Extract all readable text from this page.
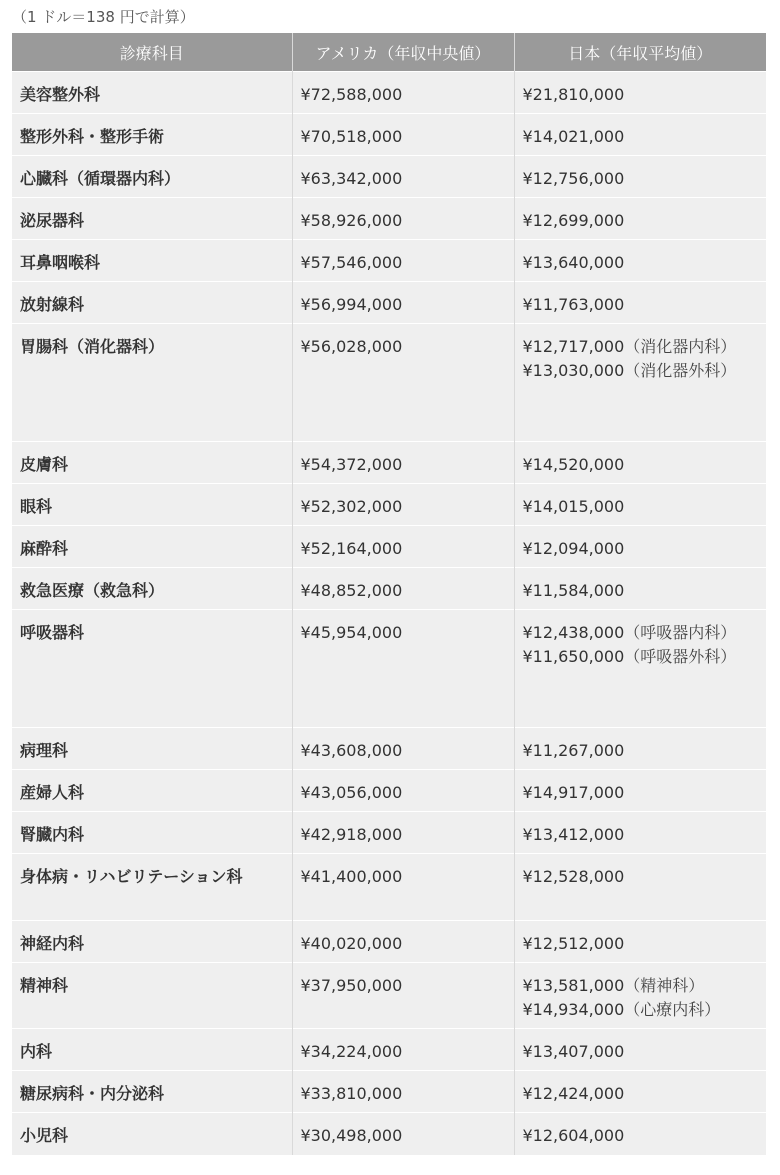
（1 ドル＝138 円で計算）
診療科目	アメリカ（年収中央値）	日本（年収平均値）
美容整外科	¥72,588,000	¥21,810,000

整形外科・整形手術	¥70,518,000	¥14,021,000

心臓科（循環器内科）	¥63,342,000	¥12,756,000

泌尿器科	¥58,926,000	¥12,699,000

耳鼻咽喉科	¥57,546,000	¥13,640,000

放射線科	¥56,994,000	¥11,763,000

胃腸科（消化器科）	¥56,028,000	¥12,717,000（消化器内科）
¥13,030,000（消化器外科）

皮膚科	¥54,372,000	¥14,520,000

眼科	¥52,302,000	¥14,015,000

麻酔科	¥52,164,000	¥12,094,000

救急医療（救急科）	¥48,852,000	¥11,584,000

呼吸器科	¥45,954,000	¥12,438,000（呼吸器内科）
¥11,650,000（呼吸器外科）

病理科	¥43,608,000	¥11,267,000

産婦人科	¥43,056,000	¥14,917,000

腎臓内科	¥42,918,000	¥13,412,000

身体病・リハビリテーション科	¥41,400,000	¥12,528,000

神経内科	¥40,020,000	¥12,512,000

精神科	¥37,950,000	¥13,581,000（精神科）
¥14,934,000（心療内科）

内科	¥34,224,000	¥13,407,000

糖尿病科・内分泌科	¥33,810,000	¥12,424,000

小児科	¥30,498,000	¥12,604,000
